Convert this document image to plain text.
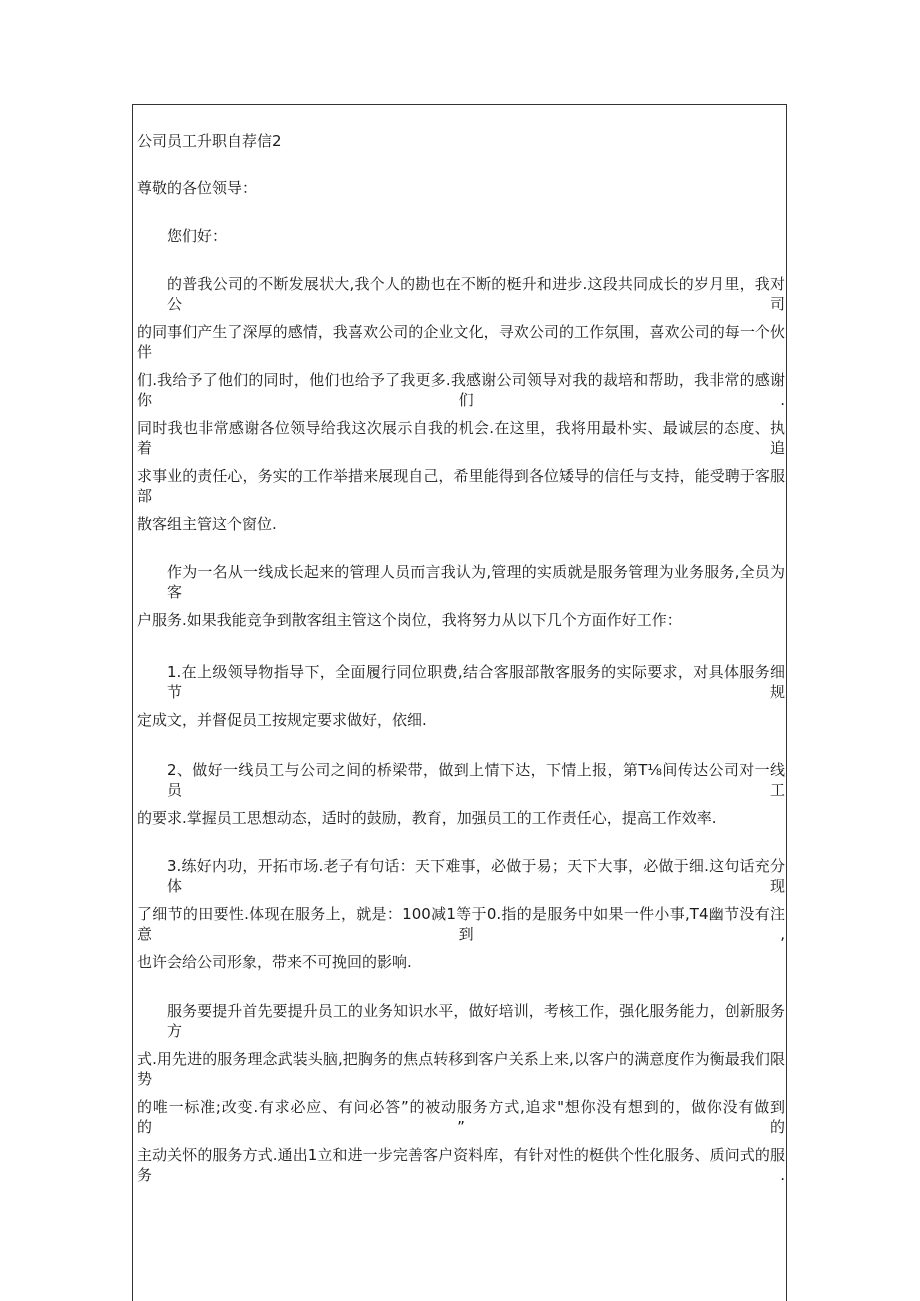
公司员工升职自荐信2
尊敬的各位领导：
您们好：
的普我公司的不断发展状大,我个人的勘也在不断的梃升和进步.这段共同成长的岁月里，我对公司
的同事们产生了深厚的感情，我喜欢公司的企业文化，寻欢公司的工作氛围，喜欢公司的每一个伙伴
们.我给予了他们的同时，他们也给予了我更多.我感谢公司领导对我的裁培和帮助，我非常的感谢你们.
同时我也非常感谢各位领导给我这次展示自我的机会.在这里，我将用最朴实、最诚层的态度、执着追
求事业的责任心，务实的工作举措来展现自己，希里能得到各位矮导的信任与支持，能受聘于客服部
散客组主管这个窗位.
作为一名从一线成长起来的管理人员而言我认为,管理的实质就是服务管理为业务服务,全员为客
户服务.如果我能竞争到散客组主管这个岗位，我将努力从以下几个方面作好工作：
1.在上级领导物指导下，全面履行同位职费,结合客服部散客服务的实际要求，对具体服务细节规
定成文，并督促员工按规定要求做好，依细.
2、做好一线员工与公司之间的桥梁带，做到上情下达，下情上报，第T⅛间传达公司对一线员工
的要求.掌握员工思想动态，适时的鼓励，教育，加强员工的工作责任心，提高工作效率.
3.练好内功，开拓市场.老子有句话：天下难事，必做于易；天下大事，必做于细.这句话充分体现
了细节的田要性.体现在服务上，就是：100减1等于0.指的是服务中如果一件小事,T4幽节没有注意到,
也许会给公司形象，带来不可挽回的影响.
服务要提升首先要提升员工的业务知识水平，做好培训，考核工作，强化服务能力，创新服务方
式.用先进的服务理念武装头脑,把胸务的焦点转移到客户关系上来,以客户的满意度作为衡最我们限势
的唯一标准;改变.有求必应、有问必答”的被动服务方式,追求"想你没有想到的，做你没有做到的”的
主动关怀的服务方式.通出1立和进一步完善客户资料库，有针对性的梃供个性化服务、质问式的服务.
